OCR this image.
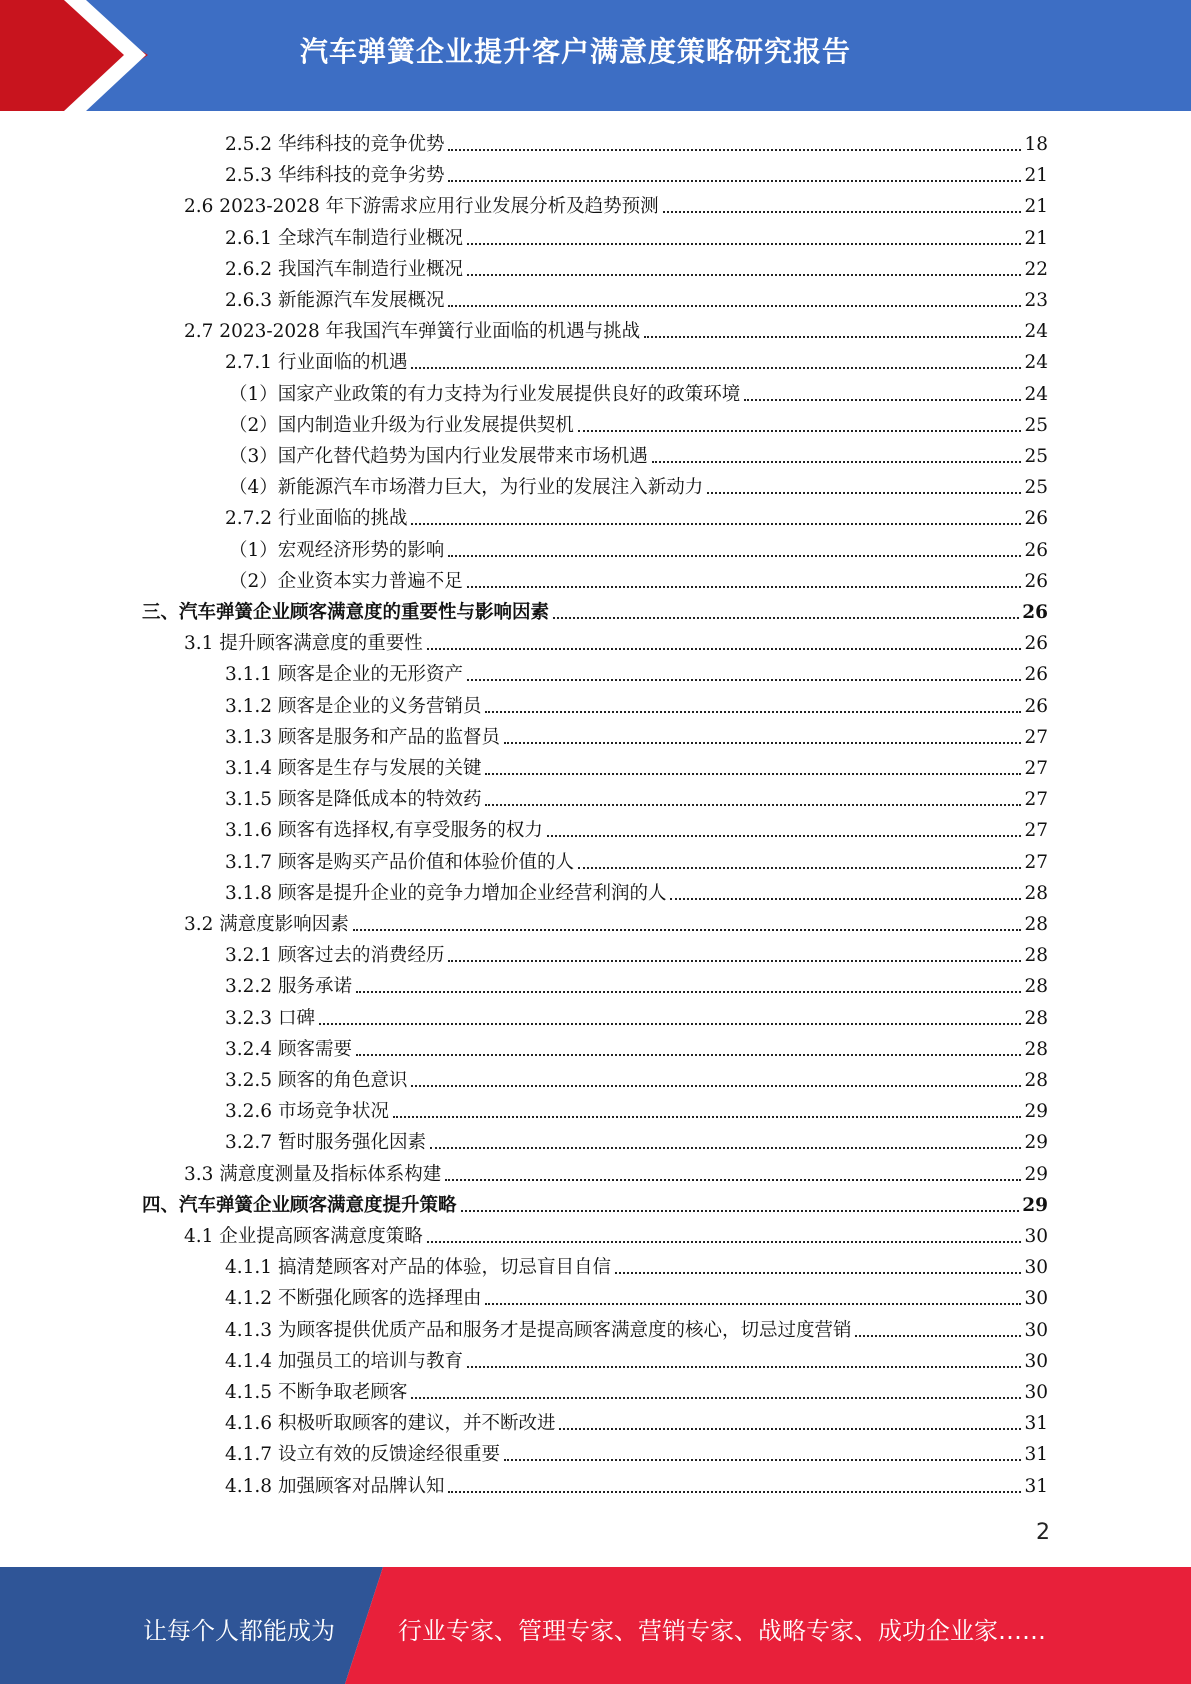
汽车弹簧企业提升客户满意度策略研究报告
2.5.2 华纬科技的竞争优势	18
2.5.3 华纬科技的竞争劣势	21
2.6 2023-2028 年下游需求应用行业发展分析及趋势预测	21
2.6.1 全球汽车制造行业概况	21
2.6.2 我国汽车制造行业概况	22
2.6.3 新能源汽车发展概况	23
2.7 2023-2028 年我国汽车弹簧行业面临的机遇与挑战	24
2.7.1 行业面临的机遇	24
（1）国家产业政策的有力支持为行业发展提供良好的政策环境	24
（2）国内制造业升级为行业发展提供契机	25
（3）国产化替代趋势为国内行业发展带来市场机遇	25
（4）新能源汽车市场潜力巨大，为行业的发展注入新动力	25
2.7.2 行业面临的挑战	26
（1）宏观经济形势的影响	26
（2）企业资本实力普遍不足	26
三、汽车弹簧企业顾客满意度的重要性与影响因素	26
3.1 提升顾客满意度的重要性	26
3.1.1 顾客是企业的无形资产	26
3.1.2 顾客是企业的义务营销员	26
3.1.3 顾客是服务和产品的监督员	27
3.1.4 顾客是生存与发展的关键	27
3.1.5 顾客是降低成本的特效药	27
3.1.6 顾客有选择权,有享受服务的权力	27
3.1.7 顾客是购买产品价值和体验价值的人	27
3.1.8 顾客是提升企业的竞争力增加企业经营利润的人	28
3.2 满意度影响因素	28
3.2.1 顾客过去的消费经历	28
3.2.2 服务承诺	28
3.2.3 口碑	28
3.2.4 顾客需要	28
3.2.5 顾客的角色意识	28
3.2.6 市场竞争状况	29
3.2.7 暂时服务强化因素	29
3.3 满意度测量及指标体系构建	29
四、汽车弹簧企业顾客满意度提升策略	29
4.1 企业提高顾客满意度策略	30
4.1.1 搞清楚顾客对产品的体验，切忌盲目自信	30
4.1.2 不断强化顾客的选择理由	30
4.1.3 为顾客提供优质产品和服务才是提高顾客满意度的核心，切忌过度营销	30
4.1.4 加强员工的培训与教育	30
4.1.5 不断争取老顾客	30
4.1.6 积极听取顾客的建议，并不断改进	31
4.1.7 设立有效的反馈途经很重要	31
4.1.8 加强顾客对品牌认知	31
2
让每个人都能成为	行业专家、管理专家、营销专家、战略专家、成功企业家……
